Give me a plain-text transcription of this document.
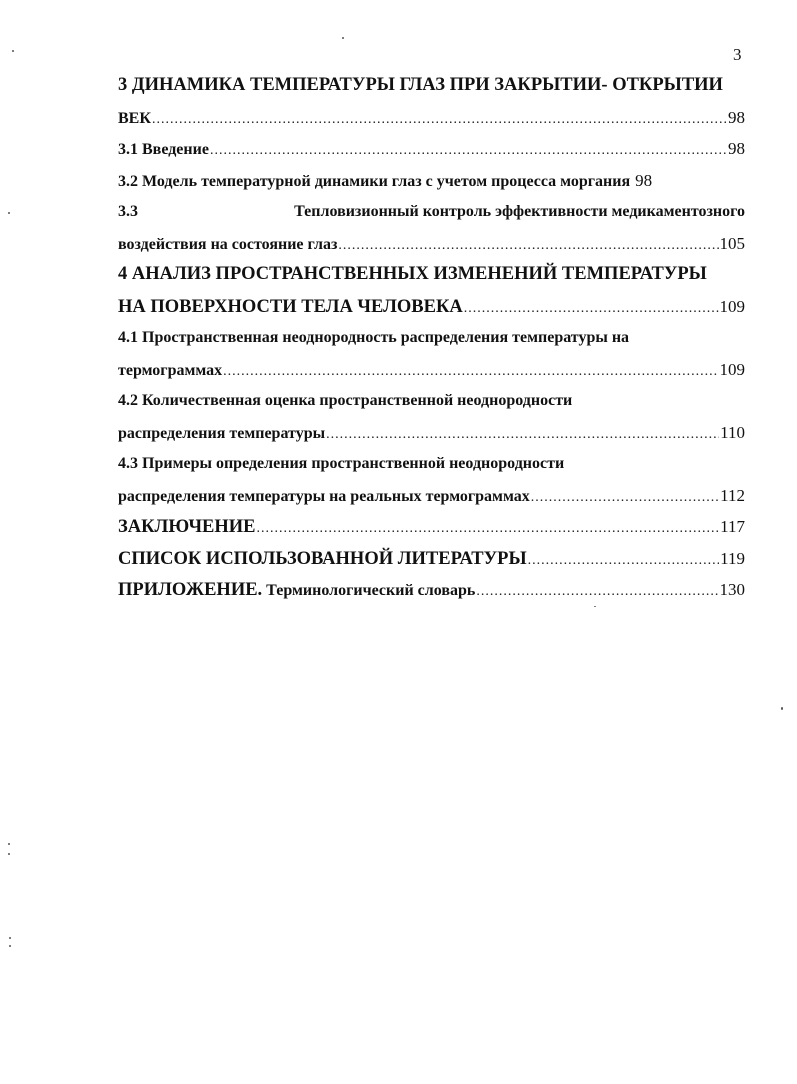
3
3 ДИНАМИКА ТЕМПЕРАТУРЫ ГЛАЗ ПРИ ЗАКРЫТИИ- ОТКРЫТИИ
ВЕК .....	98
3.1 Введение .....	98
3.2 Модель температурной динамики глаз с учетом процесса моргания 98
3.3	Тепловизионный контроль эффективности медикаментозного
воздействия на состояние глаз .....	105
4 АНАЛИЗ ПРОСТРАНСТВЕННЫХ ИЗМЕНЕНИЙ ТЕМПЕРАТУРЫ
НА ПОВЕРХНОСТИ ТЕЛА ЧЕЛОВЕКА .....	109
4.1 Пространственная неоднородность распределения температуры на
термограммах .....	109
4.2 Количественная оценка пространственной неоднородности
распределения температуры .....	110
4.3 Примеры определения пространственной неоднородности
распределения температуры на реальных термограммах .....	112
ЗАКЛЮЧЕНИЕ .....	117
СПИСОК ИСПОЛЬЗОВАННОЙ ЛИТЕРАТУРЫ .....	119
ПРИЛОЖЕНИЕ. Терминологический словарь .....	130
